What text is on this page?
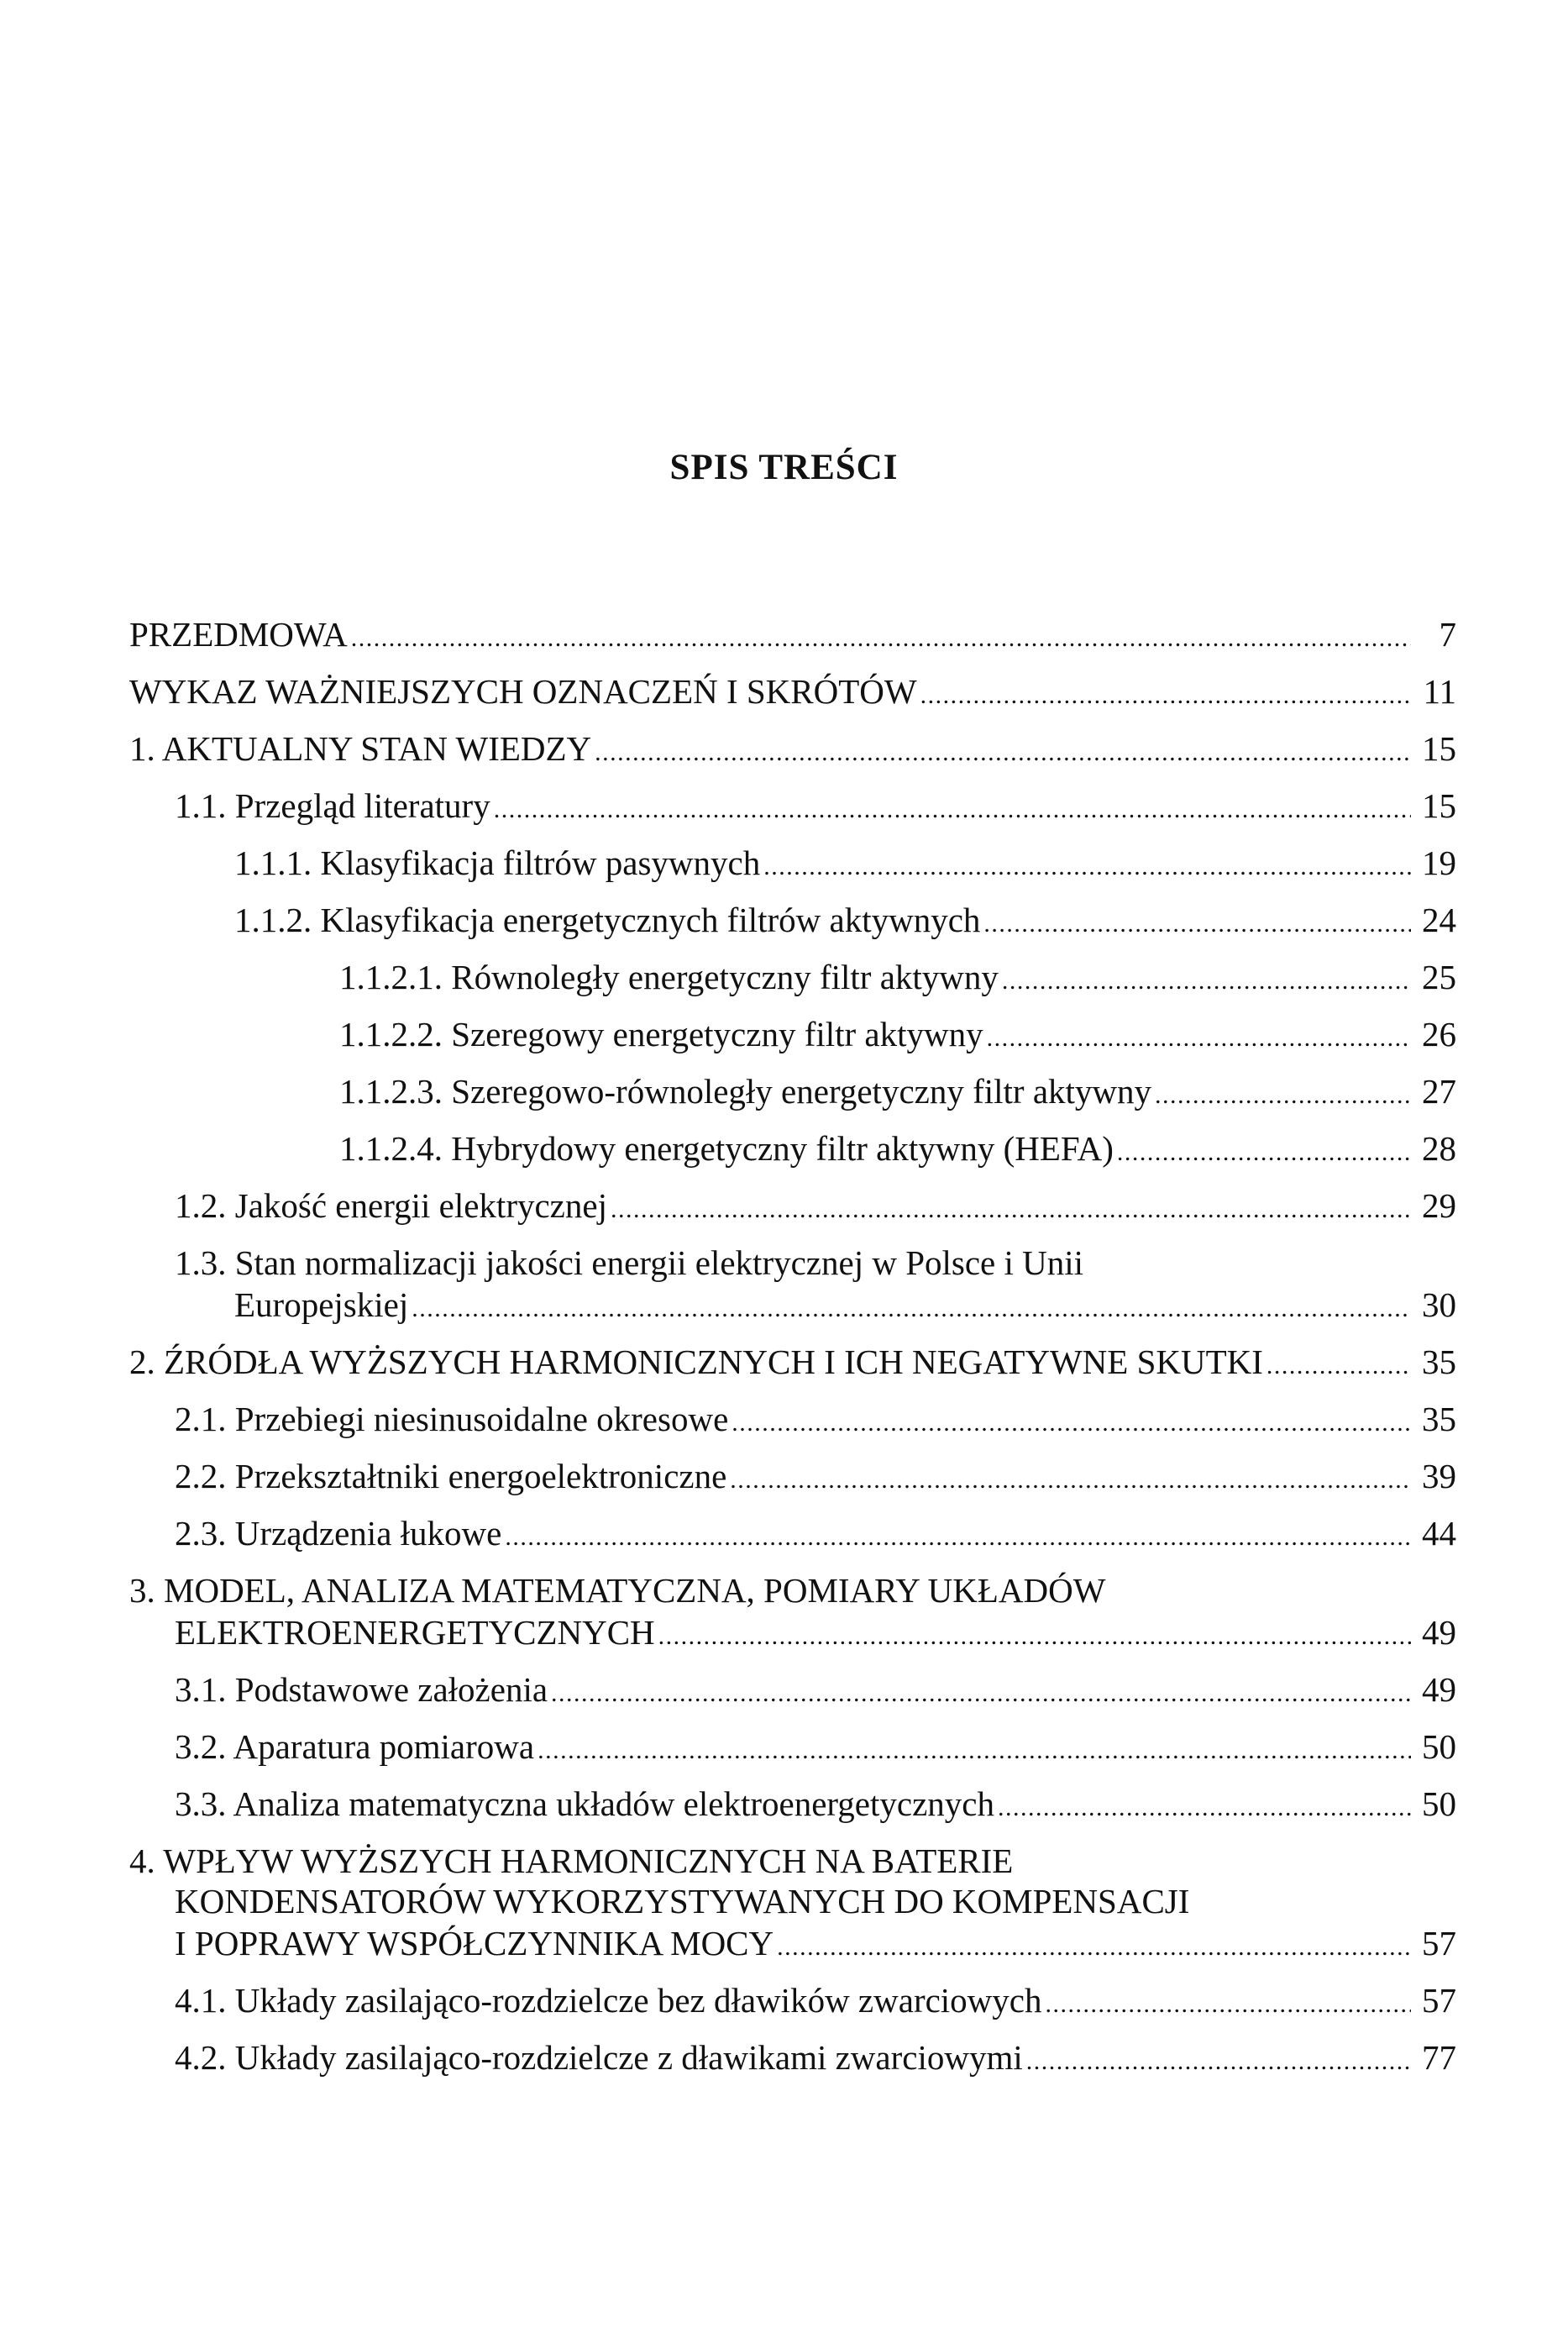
SPIS TREŚCI
PRZEDMOWA . . .	7
WYKAZ WAŻNIEJSZYCH OZNACZEŃ I SKRÓTÓW . . .	11
1. AKTUALNY STAN WIEDZY . . .	15
1.1. Przegląd literatury . . .	15
1.1.1. Klasyfikacja filtrów pasywnych . . .	19
1.1.2. Klasyfikacja energetycznych filtrów aktywnych . . .	24
1.1.2.1. Równoległy energetyczny filtr aktywny . . .	25
1.1.2.2. Szeregowy energetyczny filtr aktywny . . .	26
1.1.2.3. Szeregowo-równoległy energetyczny filtr aktywny . . .	27
1.1.2.4. Hybrydowy energetyczny filtr aktywny (HEFA) . . .	28
1.2. Jakość energii elektrycznej . . .	29
1.3. Stan normalizacji jakości energii elektrycznej w Polsce i Unii
Europejskiej . . .	30
2. ŹRÓDŁA WYŻSZYCH HARMONICZNYCH I ICH NEGATYWNE SKUTKI . . .	35
2.1. Przebiegi niesinusoidalne okresowe . . .	35
2.2. Przekształtniki energoelektroniczne . . .	39
2.3. Urządzenia łukowe . . .	44
3. MODEL, ANALIZA MATEMATYCZNA, POMIARY UKŁADÓW
ELEKTROENERGETYCZNYCH . . .	49
3.1. Podstawowe założenia . . .	49
3.2. Aparatura pomiarowa . . .	50
3.3. Analiza matematyczna układów elektroenergetycznych . . .	50
4. WPŁYW WYŻSZYCH HARMONICZNYCH NA BATERIE
KONDENSATORÓW WYKORZYSTYWANYCH DO KOMPENSACJI
I POPRAWY WSPÓŁCZYNNIKA MOCY . . .	57
4.1. Układy zasilająco-rozdzielcze bez dławików zwarciowych . . .	57
4.2. Układy zasilająco-rozdzielcze z dławikami zwarciowymi . . .	77
